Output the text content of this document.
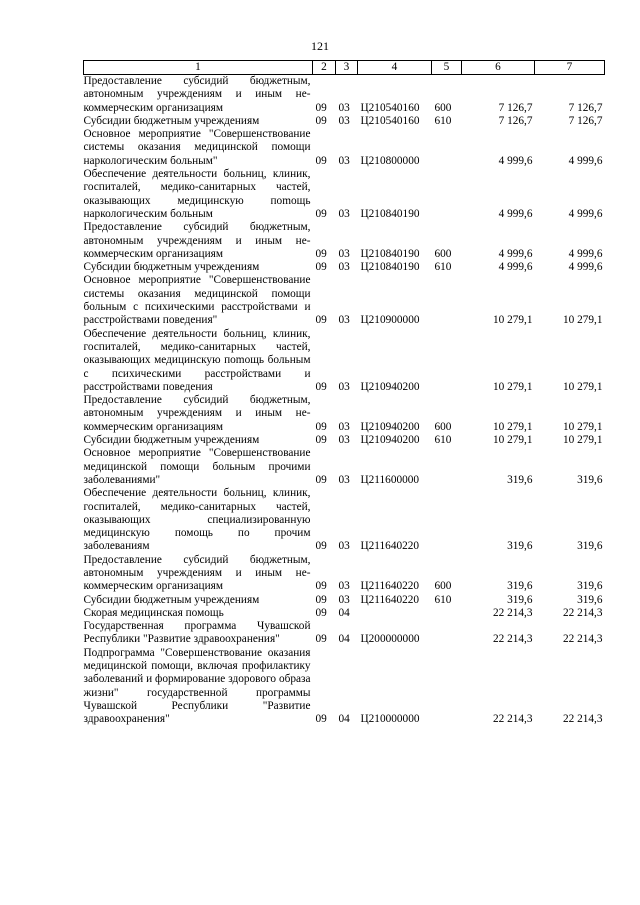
121
1	2	3	4	5	6	7
Предоставление субсидий бюджетным, автономным учреждениям и иным некоммерческим организациям	09	03	Ц210540160	600	7 126,7	7 126,7
Субсидии бюджетным учреждениям	09	03	Ц210540160	610	7 126,7	7 126,7
Основное мероприятие "Совершенствование системы оказания медицинской помощи наркологическим больным"	09	03	Ц210800000		4 999,6	4 999,6
Обеспечение деятельности больниц, клиник, госпиталей, медико-санитарных частей, оказывающих медицинскую поmощь наркологическим больным	09	03	Ц210840190		4 999,6	4 999,6
Предоставление субсидий бюджетным, автономным учреждениям и иным некоммерческим организациям	09	03	Ц210840190	600	4 999,6	4 999,6
Субсидии бюджетным учреждениям	09	03	Ц210840190	610	4 999,6	4 999,6
Основное мероприятие "Совершенствование системы оказания медицинской помощи больным с психическими расстройствами и расстройствами поведения"	09	03	Ц210900000		10 279,1	10 279,1
Обеспечение деятельности больниц, клиник, госпиталей, медико-санитарных частей, оказывающих медицинскую поmощь больным с психическими расстройствами и расстройствами поведения	09	03	Ц210940200		10 279,1	10 279,1
Предоставление субсидий бюджетным, автономным учреждениям и иным некоммерческим организациям	09	03	Ц210940200	600	10 279,1	10 279,1
Субсидии бюджетным учреждениям	09	03	Ц210940200	610	10 279,1	10 279,1
Основное мероприятие "Совершенствование медицинской помощи больным прочими заболеваниями"	09	03	Ц211600000		319,6	319,6
Обеспечение деятельности больниц, клиник, госпиталей, медико-санитарных частей, оказывающих специализированную медицинскую помощь по прочим заболеваниям	09	03	Ц211640220		319,6	319,6
Предоставление субсидий бюджетным, автономным учреждениям и иным некоммерческим организациям	09	03	Ц211640220	600	319,6	319,6
Субсидии бюджетным учреждениям	09	03	Ц211640220	610	319,6	319,6
Скорая медицинская помощь	09	04			22 214,3	22 214,3
Государственная программа Чувашской Республики "Развитие здравоохранения"	09	04	Ц200000000		22 214,3	22 214,3
Подпрограмма "Совершенствование оказания медицинской помощи, включая профилактику заболеваний и формирование здорового образа жизни" государственной программы Чувашской Республики "Развитие здравоохранения"	09	04	Ц210000000		22 214,3	22 214,3
